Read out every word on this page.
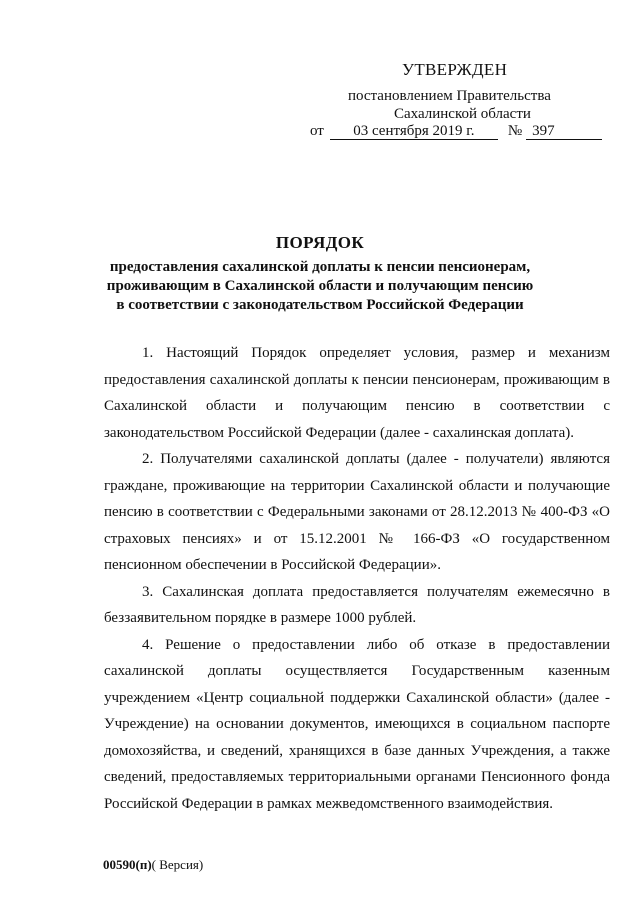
УТВЕРЖДЕН
постановлением Правительства
Сахалинской области
от 03 сентября 2019 г. № 397
ПОРЯДОК
предоставления сахалинской доплаты к пенсии пенсионерам,
проживающим в Сахалинской области и получающим пенсию
в соответствии с законодательством Российской Федерации

1. Настоящий Порядок определяет условия, размер и механизм предоставления сахалинской доплаты к пенсии пенсионерам, проживающим в Сахалинской области и получающим пенсию в соответствии с законодательством Российской Федерации (далее - сахалинская доплата).

2. Получателями сахалинской доплаты (далее - получатели) являются граждане, проживающие на территории Сахалинской области и получающие пенсию в соответствии с Федеральными законами от 28.12.2013 № 400-ФЗ «О страховых пенсиях» и от 15.12.2001 № 166-ФЗ «О государственном пенсионном обеспечении в Российской Федерации».

3. Сахалинская доплата предоставляется получателям ежемесячно в беззаявительном порядке в размере 1000 рублей.

4. Решение о предоставлении либо об отказе в предоставлении сахалинской доплаты осуществляется Государственным казенным учреждением «Центр социальной поддержки Сахалинской области» (далее - Учреждение) на основании документов, имеющихся в социальном паспорте домохозяйства, и сведений, хранящихся в базе данных Учреждения, а также сведений, предоставляемых территориальными органами Пенсионного фонда Российской Федерации в рамках межведомственного взаимодействия.

00590(п)( Версия)
